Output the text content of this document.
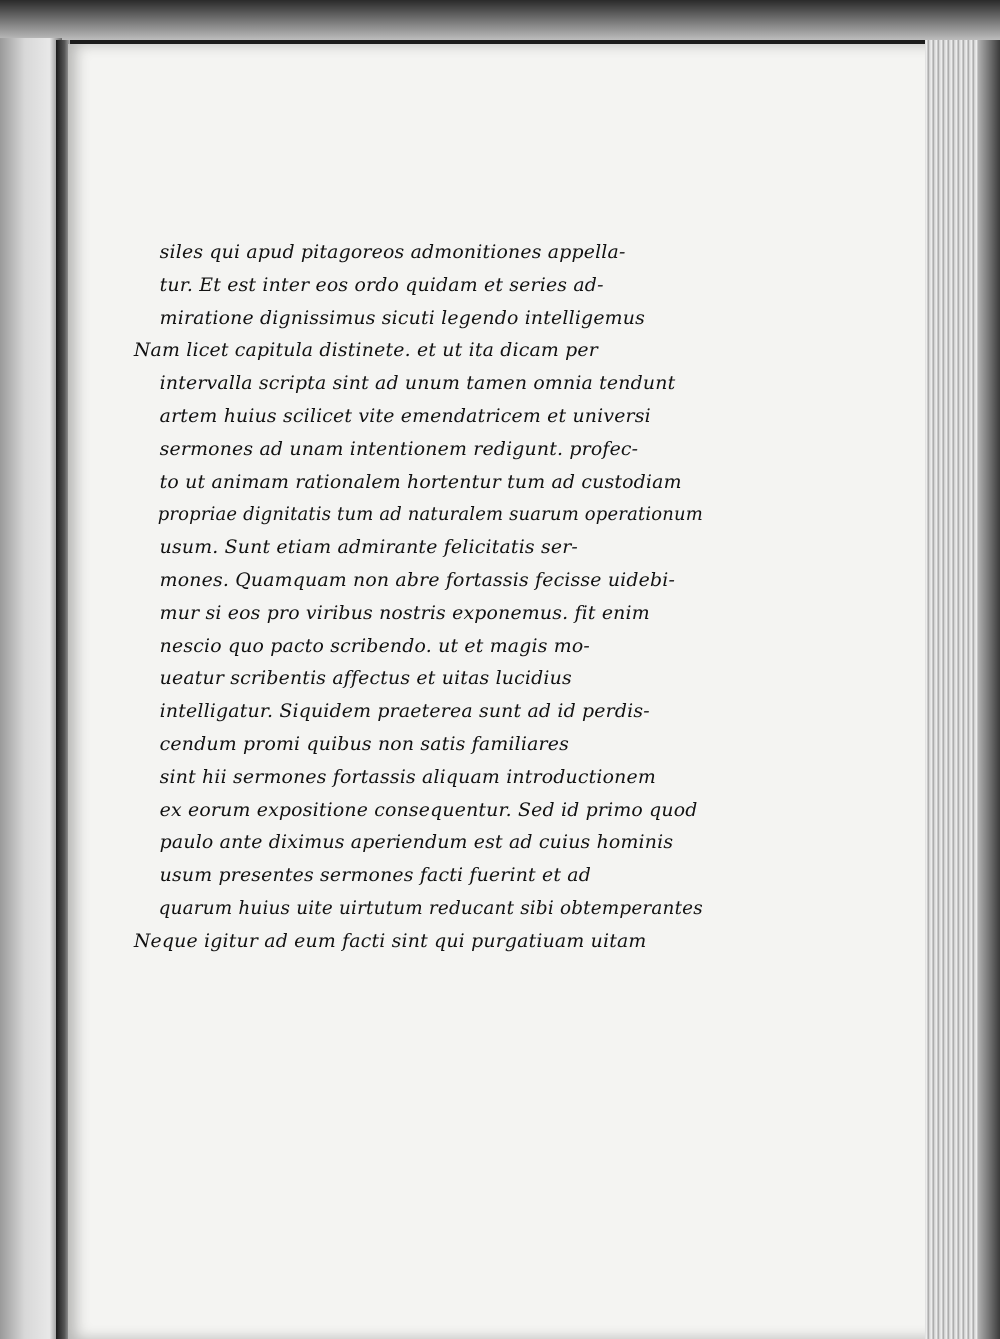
siles qui apud pitagoreos admonitiones appella-
tur. Et est inter eos ordo quidam et series ad-
miratione dignissimus sicuti legendo intelligemus
Nam licet capitula distinete. et ut ita dicam per
intervalla scripta sint ad unum tamen omnia tendunt
artem huius scilicet vite emendatricem et universi
sermones ad unam intentionem redigunt. profec-
to ut animam rationalem hortentur tum ad custodiam
propriae dignitatis tum ad naturalem suarum operationum
usum. Sunt etiam admirante felicitatis ser-
mones. Quamquam non abre fortassis fecisse uidebi-
mur si eos pro viribus nostris exponemus. fit enim
nescio quo pacto scribendo. ut et magis mo-
ueatur scribentis affectus et uitas lucidius
intelligatur. Siquidem praeterea sunt ad id perdis-
cendum promi quibus non satis familiares
sint hii sermones fortassis aliquam introductionem
ex eorum expositione consequentur. Sed id primo quod
paulo ante diximus aperiendum est ad cuius hominis
usum presentes sermones facti fuerint et ad
quarum huius uite uirtutum reducant sibi obtemperantes
Neque igitur ad eum facti sint qui purgatiuam uitam
